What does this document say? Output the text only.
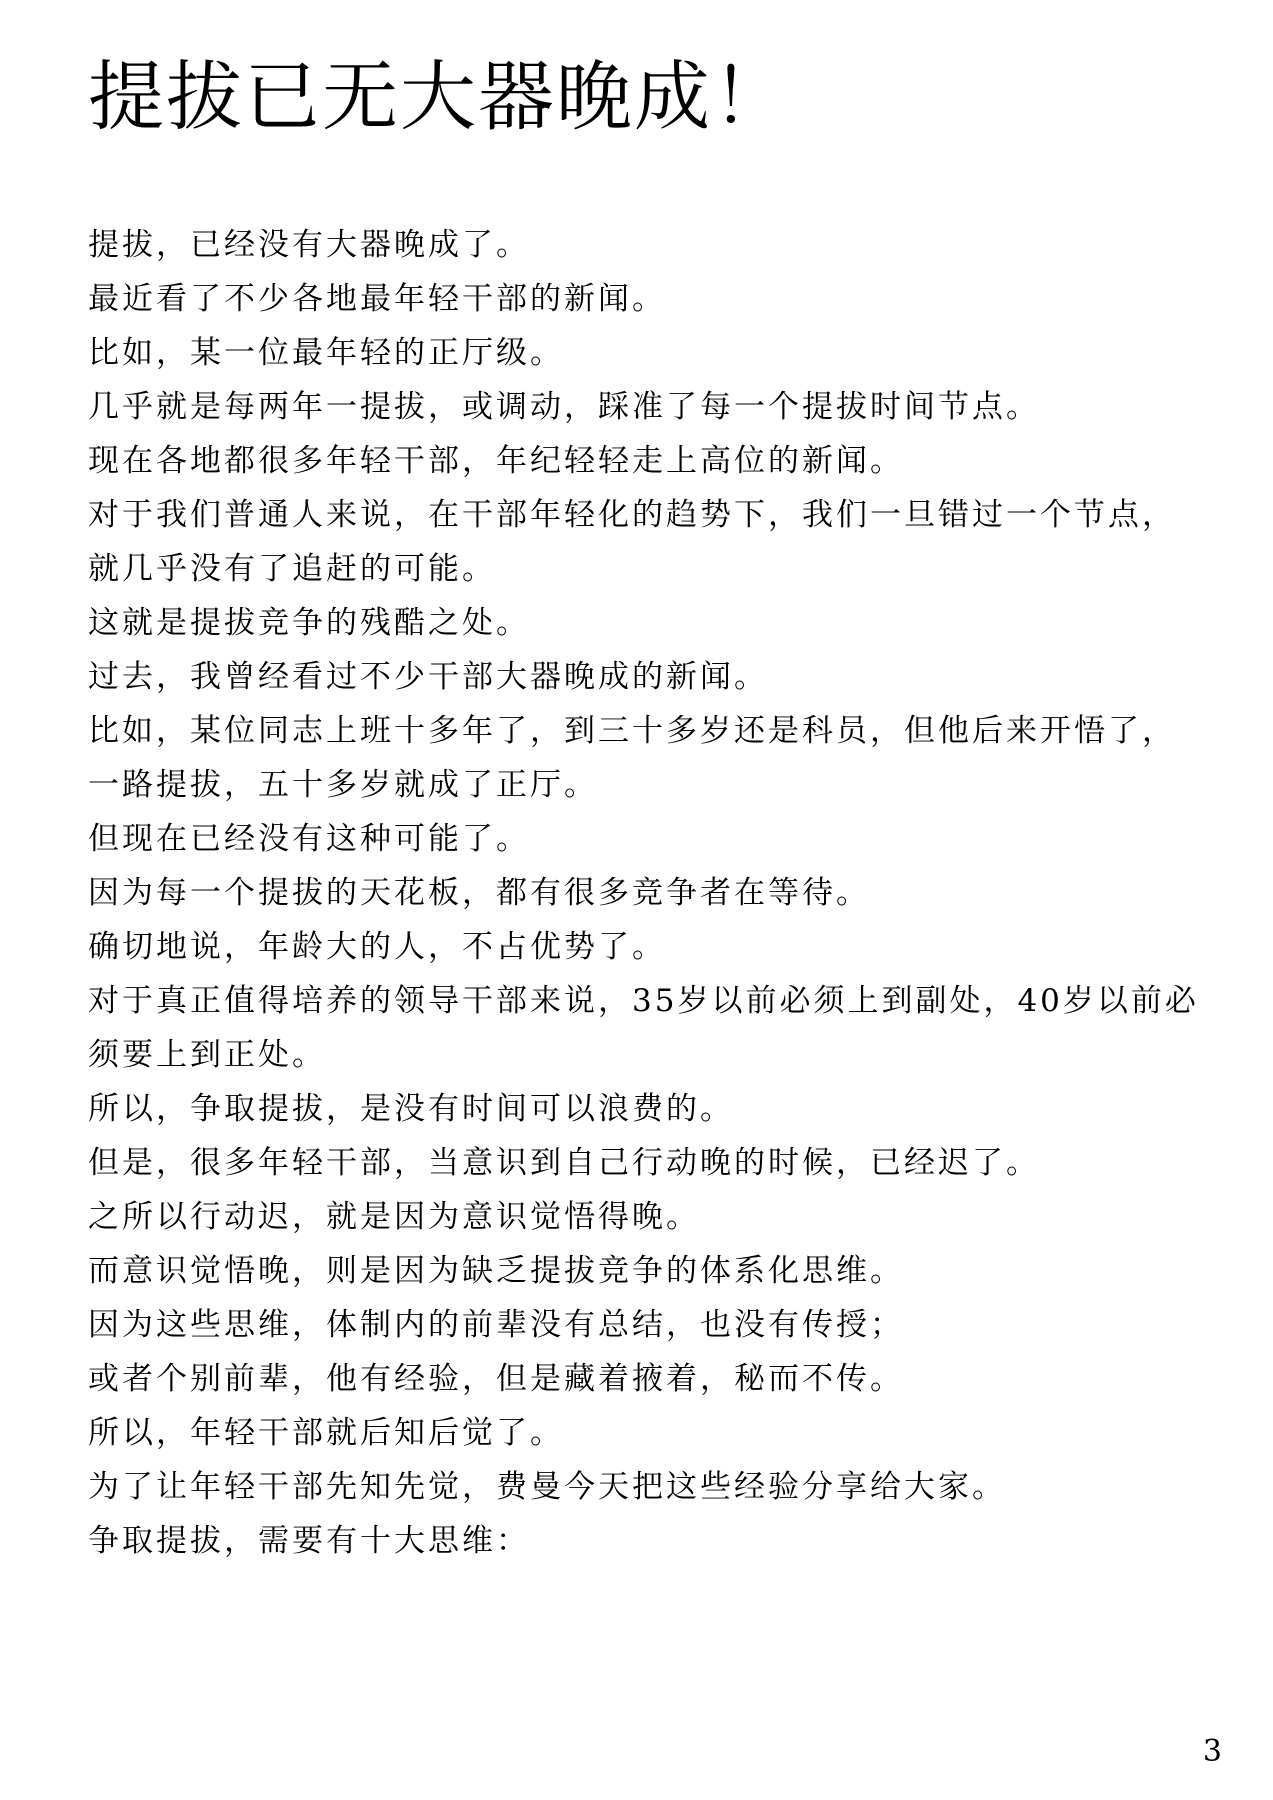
提拔已无大器晚成！
提拔，已经没有大器晚成了。
最近看了不少各地最年轻干部的新闻。
比如，某一位最年轻的正厅级。
几乎就是每两年一提拔，或调动，踩准了每一个提拔时间节点。
现在各地都很多年轻干部，年纪轻轻走上高位的新闻。
对于我们普通人来说，在干部年轻化的趋势下，我们一旦错过一个节点，
就几乎没有了追赶的可能。
这就是提拔竞争的残酷之处。
过去，我曾经看过不少干部大器晚成的新闻。
比如，某位同志上班十多年了，到三十多岁还是科员，但他后来开悟了，
一路提拔，五十多岁就成了正厅。
但现在已经没有这种可能了。
因为每一个提拔的天花板，都有很多竞争者在等待。
确切地说，年龄大的人，不占优势了。
对于真正值得培养的领导干部来说，35岁以前必须上到副处，40岁以前必
须要上到正处。
所以，争取提拔，是没有时间可以浪费的。
但是，很多年轻干部，当意识到自己行动晚的时候，已经迟了。
之所以行动迟，就是因为意识觉悟得晚。
而意识觉悟晚，则是因为缺乏提拔竞争的体系化思维。
因为这些思维，体制内的前辈没有总结，也没有传授；
或者个别前辈，他有经验，但是藏着掖着，秘而不传。
所以，年轻干部就后知后觉了。
为了让年轻干部先知先觉，费曼今天把这些经验分享给大家。
争取提拔，需要有十大思维：
3
